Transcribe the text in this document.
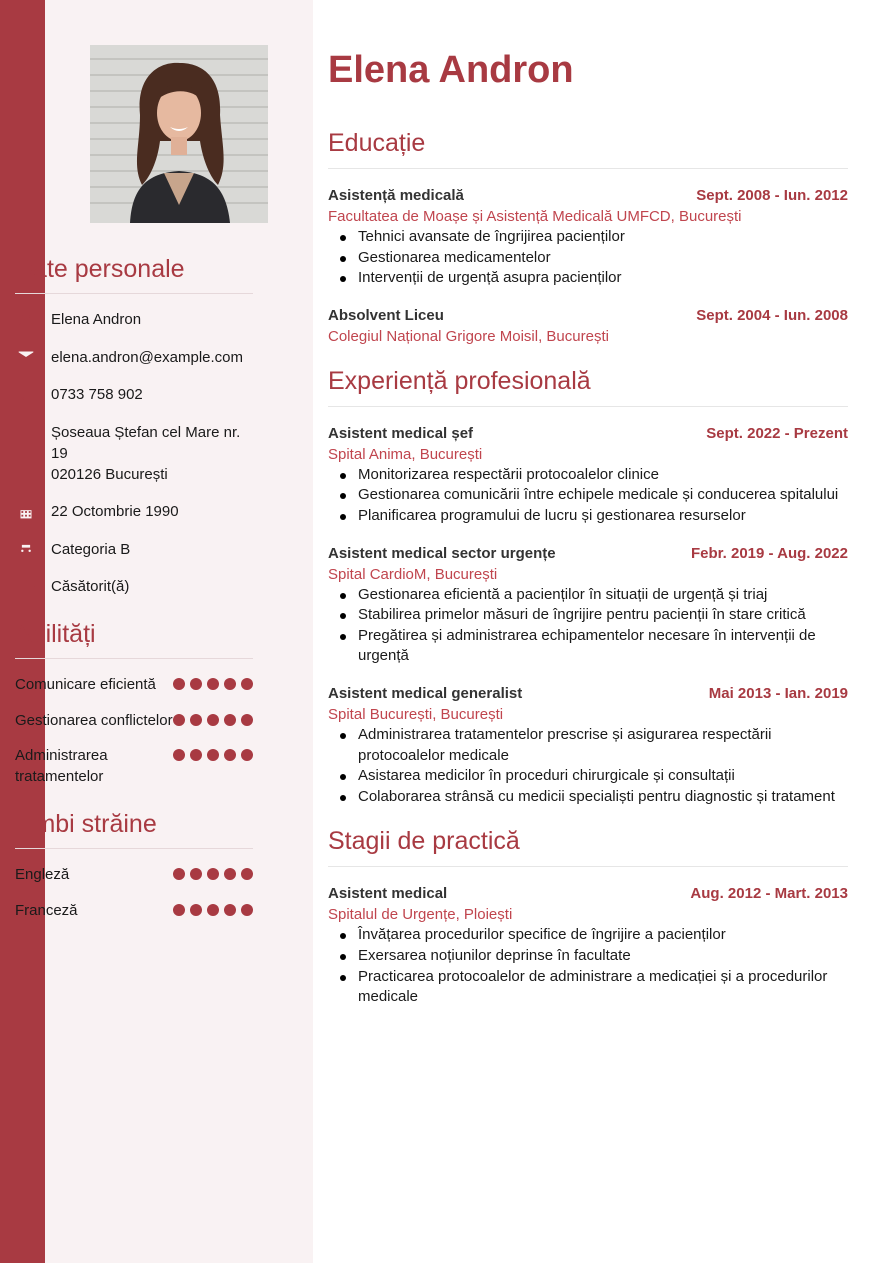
Date personale
Elena Andron
elena.andron@example.com
0733 758 902
Șoseaua Ștefan cel Mare nr. 19
020126 București
22 Octombrie 1990
Categoria B
Căsătorit(ă)
Abilități
Comunicare eficientă
Gestionarea conflictelor
Administrarea tratamentelor
Limbi străine
Engleză
Franceză
Elena Andron
Educație
Asistență medicală	Sept. 2008 - Iun. 2012
Facultatea de Moașe și Asistență Medicală UMFCD, București
Tehnici avansate de îngrijirea pacienților
Gestionarea medicamentelor
Intervenții de urgență asupra pacienților
Absolvent Liceu	Sept. 2004 - Iun. 2008
Colegiul Național Grigore Moisil, București
Experiență profesională
Asistent medical șef	Sept. 2022 - Prezent
Spital Anima, București
Monitorizarea respectării protocoalelor clinice
Gestionarea comunicării între echipele medicale și conducerea spitalului
Planificarea programului de lucru și gestionarea resurselor
Asistent medical sector urgențe	Febr. 2019 - Aug. 2022
Spital CardioM, București
Gestionarea eficientă a pacienților în situații de urgență și triaj
Stabilirea primelor măsuri de îngrijire pentru pacienții în stare critică
Pregătirea și administrarea echipamentelor necesare în intervenții de urgență
Asistent medical generalist	Mai 2013 - Ian. 2019
Spital București, București
Administrarea tratamentelor prescrise și asigurarea respectării protocoalelor medicale
Asistarea medicilor în proceduri chirurgicale și consultații
Colaborarea strânsă cu medicii specialiști pentru diagnostic și tratament
Stagii de practică
Asistent medical	Aug. 2012 - Mart. 2013
Spitalul de Urgențe, Ploiești
Învățarea procedurilor specifice de îngrijire a pacienților
Exersarea noțiunilor deprinse în facultate
Practicarea protocoalelor de administrare a medicației și a procedurilor medicale
